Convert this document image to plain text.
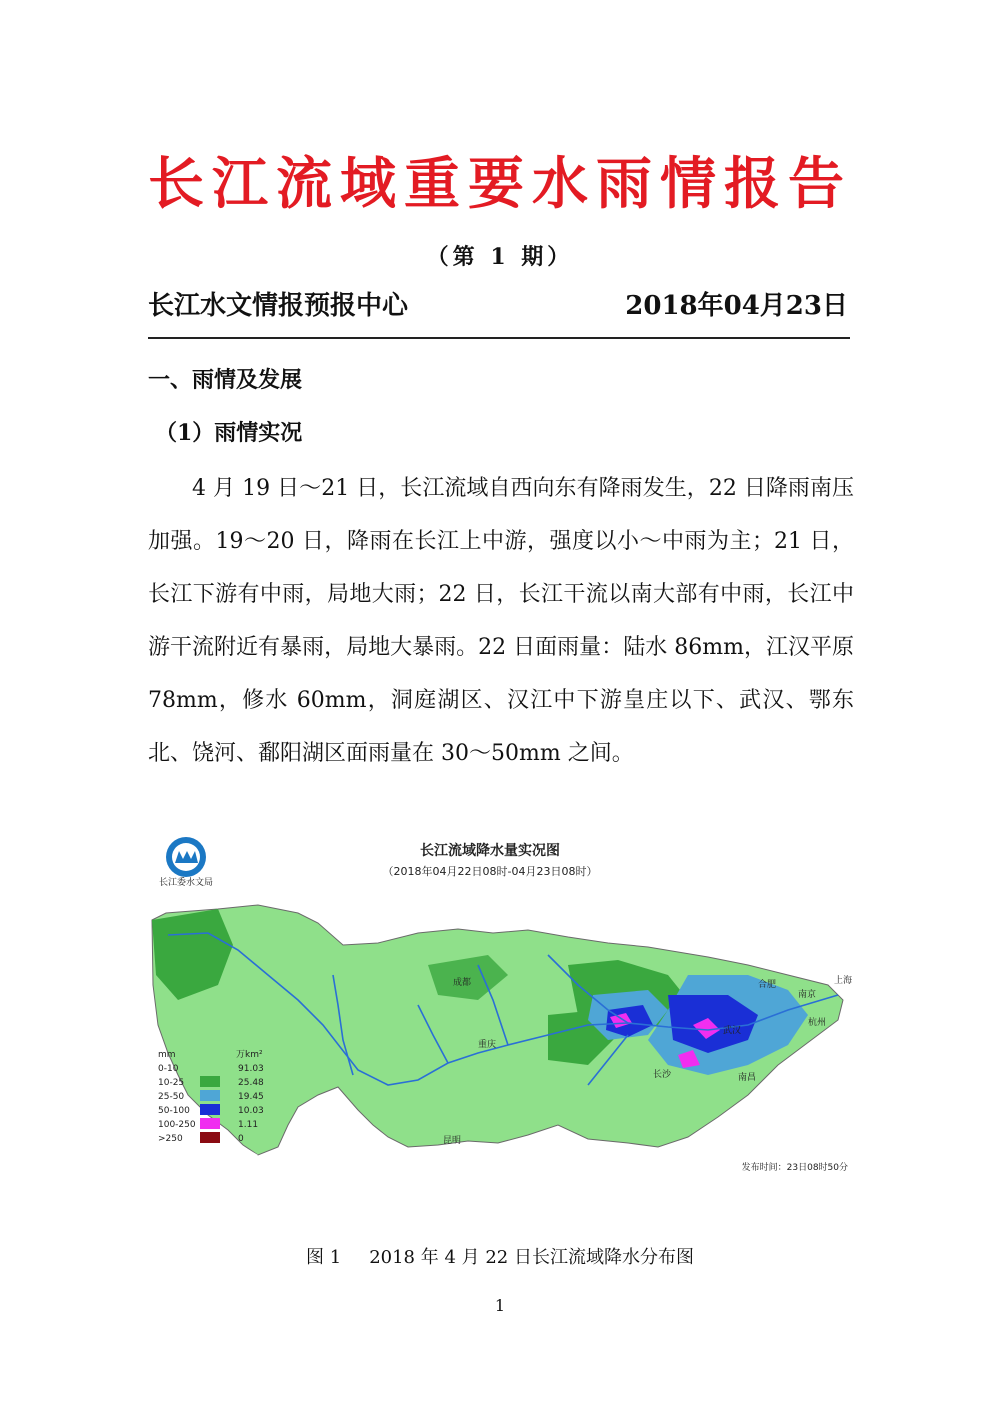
长江流域重要水雨情报告
（第 1 期）
长江水文情报预报中心	2018年04月23日
一、雨情及发展
（1）雨情实况

4 月 19 日～21 日，长江流域自西向东有降雨发生，22 日降雨南压加强。19～20 日，降雨在长江上中游，强度以小～中雨为主；21 日，长江下游有中雨，局地大雨；22 日，长江干流以南大部有中雨，长江中游干流附近有暴雨，局地大暴雨。22 日面雨量：陆水 86mm，江汉平原 78mm，修水 60mm，洞庭湖区、汉江中下游皇庄以下、武汉、鄂东北、饶河、鄱阳湖区面雨量在 30～50mm 之间。

长江委水文局
长江流域降水量实况图
（2018年04月22日08时-04月23日08时）
成都
重庆
武汉
合肥
南京
上海
杭州
昆明
长沙	南昌
mm	万km²
0-10	91.03
10-25	25.48
25-50	19.45
50-100	10.03
100-250	1.11
>250	0
发布时间：23日08时50分
图 1 2018 年 4 月 22 日长江流域降水分布图
1
